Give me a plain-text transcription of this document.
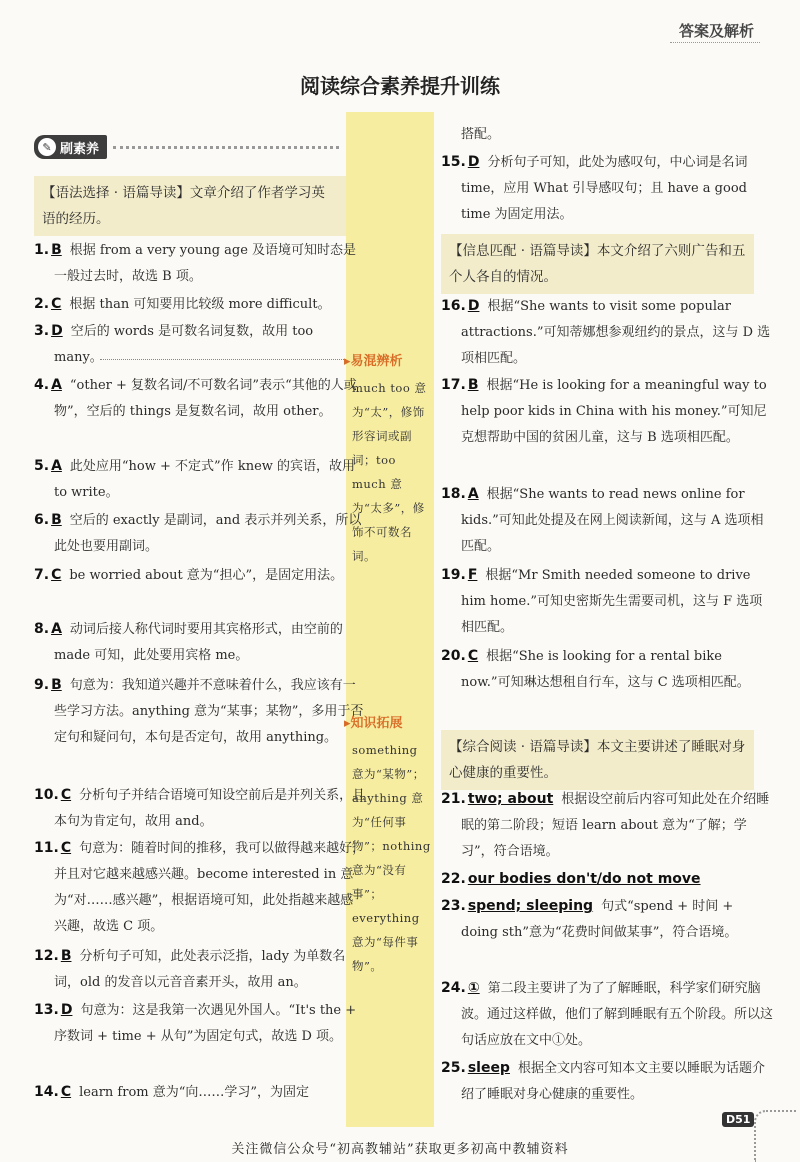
答案及解析
阅读综合素养提升训练
✎ 刷素养
【语法选择 · 语篇导读】文章介绍了作者学习英语的经历。
1. B 根据 from a very young age 及语境可知时态是一般过去时，故选 B 项。
2. C 根据 than 可知要用比较级 more difficult。
3. D 空后的 words 是可数名词复数，故用 too many。
4. A “other + 复数名词/不可数名词”表示“其他的人或物”，空后的 things 是复数名词，故用 other。
5. A 此处应用“how + 不定式”作 knew 的宾语，故用 to write。
6. B 空后的 exactly 是副词，and 表示并列关系，所以此处也要用副词。
7. C be worried about 意为“担心”，是固定用法。
8. A 动词后接人称代词时要用其宾格形式，由空前的 made 可知，此处要用宾格 me。
9. B 句意为：我知道兴趣并不意味着什么，我应该有一些学习方法。anything 意为“某事；某物”，多用于否定句和疑问句，本句是否定句，故用 anything。
10. C 分析句子并结合语境可知设空前后是并列关系，且本句为肯定句，故用 and。
11. C 句意为：随着时间的推移，我可以做得越来越好，并且对它越来越感兴趣。become interested in 意为“对……感兴趣”，根据语境可知，此处指越来越感兴趣，故选 C 项。
12. B 分析句子可知，此处表示泛指，lady 为单数名词，old 的发音以元音音素开头，故用 an。
13. D 句意为：这是我第一次遇见外国人。“It's the + 序数词 + time + 从句”为固定句式，故选 D 项。
14. C learn from 意为“向……学习”，为固定
▸易混辨析
much too 意为“太”，修饰形容词或副词；too much 意为“太多”，修饰不可数名词。
▸知识拓展
something 意为“某物”；anything 意为“任何事物”；nothing 意为“没有事”；everything 意为“每件事物”。
搭配。
15. D 分析句子可知，此处为感叹句，中心词是名词 time，应用 What 引导感叹句；且 have a good time 为固定用法。
【信息匹配 · 语篇导读】本文介绍了六则广告和五个人各自的情况。
16. D 根据“She wants to visit some popular attractions.”可知蒂娜想参观纽约的景点，这与 D 选项相匹配。
17. B 根据“He is looking for a meaningful way to help poor kids in China with his money.”可知尼克想帮助中国的贫困儿童，这与 B 选项相匹配。
18. A 根据“She wants to read news online for kids.”可知此处提及在网上阅读新闻，这与 A 选项相匹配。
19. F 根据“Mr Smith needed someone to drive him home.”可知史密斯先生需要司机，这与 F 选项相匹配。
20. C 根据“She is looking for a rental bike now.”可知琳达想租自行车，这与 C 选项相匹配。
【综合阅读 · 语篇导读】本文主要讲述了睡眠对身心健康的重要性。
21. two; about 根据设空前后内容可知此处在介绍睡眠的第二阶段；短语 learn about 意为“了解；学习”，符合语境。
22. our bodies don't/do not move
23. spend; sleeping 句式“spend + 时间 + doing sth”意为“花费时间做某事”，符合语境。
24. ① 第二段主要讲了为了了解睡眠，科学家们研究脑波。通过这样做，他们了解到睡眠有五个阶段。所以这句话应放在文中①处。
25. sleep 根据全文内容可知本文主要以睡眠为话题介绍了睡眠对身心健康的重要性。
D51
关注微信公众号“初高教辅站”获取更多初高中教辅资料
